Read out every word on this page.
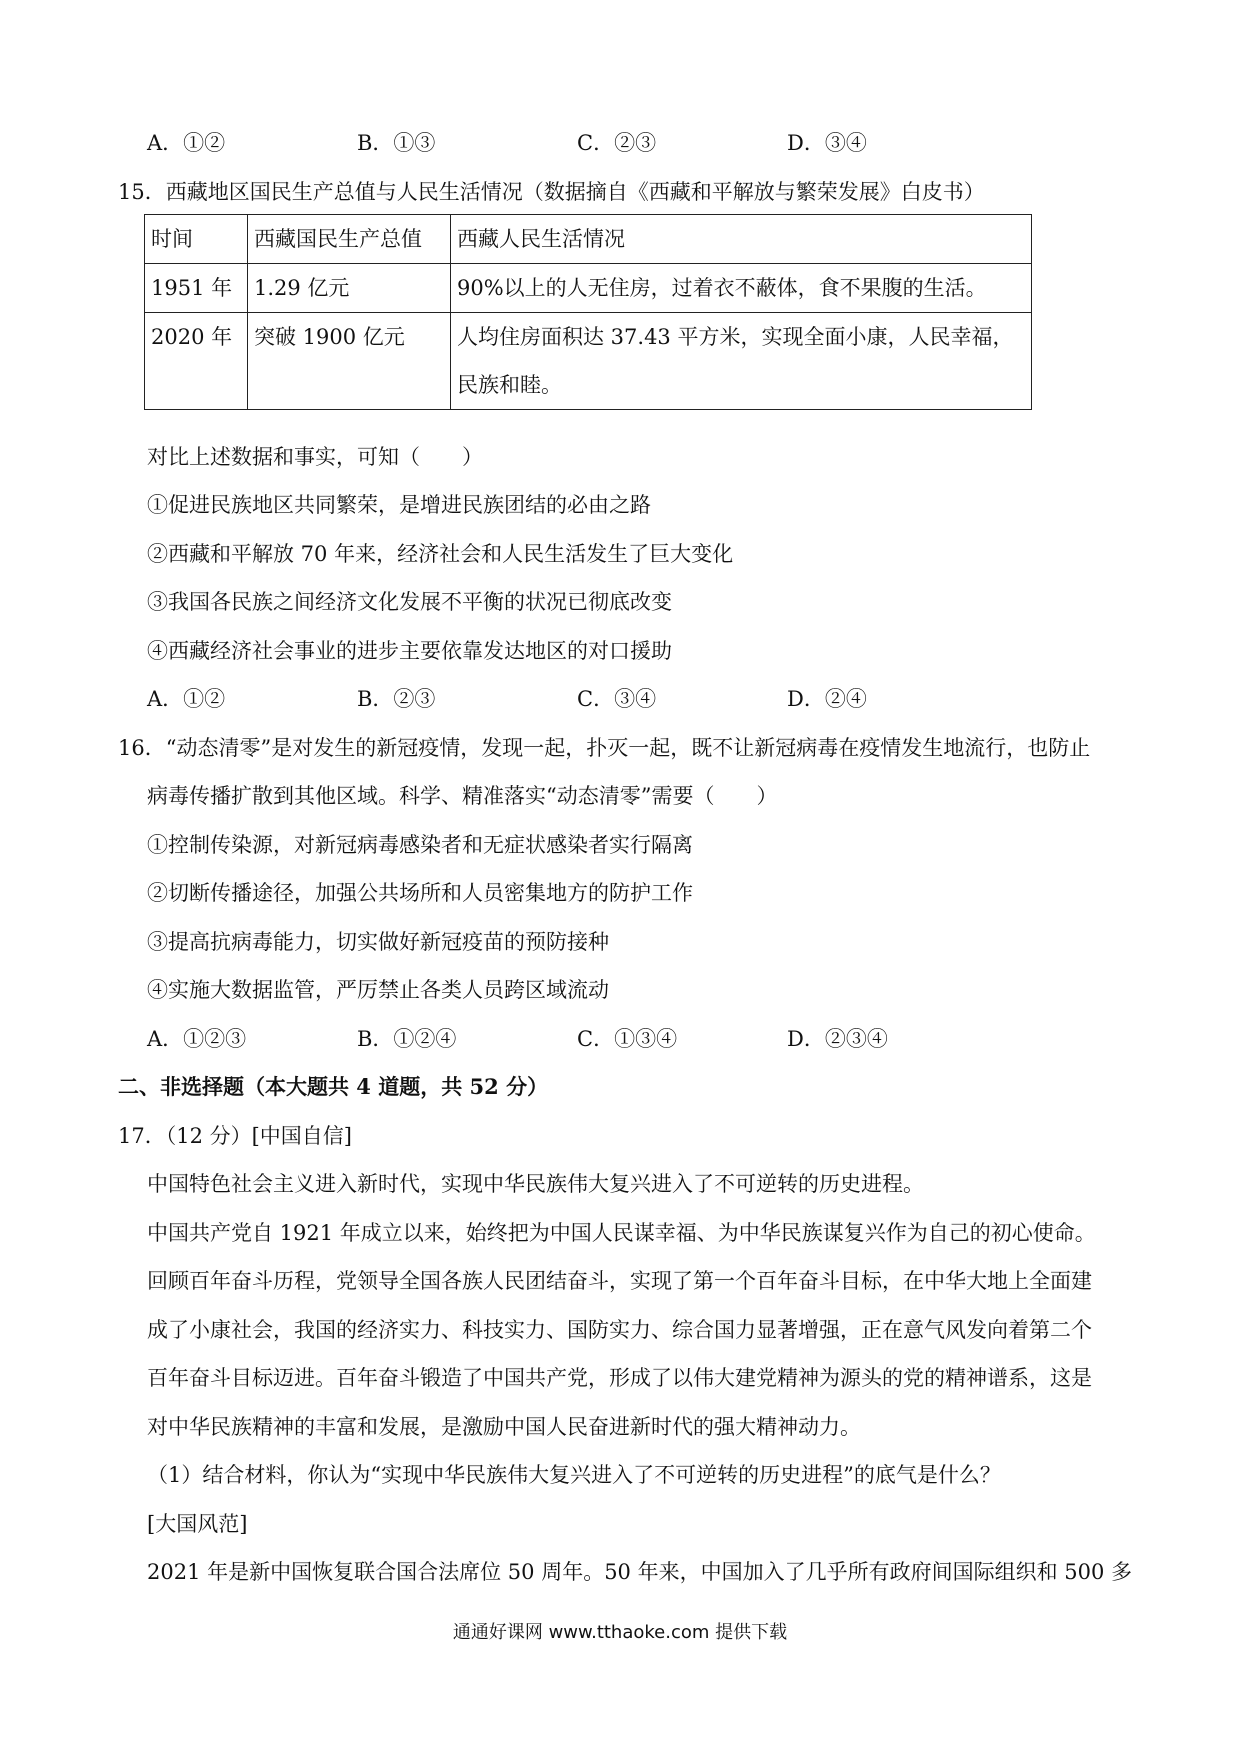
A．①②	B．①③	C．②③	D．③④
15．西藏地区国民生产总值与人民生活情况（数据摘自《西藏和平解放与繁荣发展》白皮书）
时间	西藏国民生产总值	西藏人民生活情况
1951 年	1.29 亿元	90%以上的人无住房，过着衣不蔽体，食不果腹的生活。
2020 年	突破 1900 亿元	人均住房面积达 37.43 平方米，实现全面小康，人民幸福，
民族和睦。
对比上述数据和事实，可知（　　）
①促进民族地区共同繁荣，是增进民族团结的必由之路
②西藏和平解放 70 年来，经济社会和人民生活发生了巨大变化
③我国各民族之间经济文化发展不平衡的状况已彻底改变
④西藏经济社会事业的进步主要依靠发达地区的对口援助
A．①②	B．②③	C．③④	D．②④
16．“动态清零”是对发生的新冠疫情，发现一起，扑灭一起，既不让新冠病毒在疫情发生地流行，也防止
病毒传播扩散到其他区域。科学、精准落实“动态清零”需要（　　）
①控制传染源，对新冠病毒感染者和无症状感染者实行隔离
②切断传播途径，加强公共场所和人员密集地方的防护工作
③提高抗病毒能力，切实做好新冠疫苗的预防接种
④实施大数据监管，严厉禁止各类人员跨区域流动
A．①②③	B．①②④	C．①③④	D．②③④
二、非选择题（本大题共 4 道题，共 52 分）
17．（12 分）[中国自信]
中国特色社会主义进入新时代，实现中华民族伟大复兴进入了不可逆转的历史进程。
中国共产党自 1921 年成立以来，始终把为中国人民谋幸福、为中华民族谋复兴作为自己的初心使命。
回顾百年奋斗历程，党领导全国各族人民团结奋斗，实现了第一个百年奋斗目标，在中华大地上全面建
成了小康社会，我国的经济实力、科技实力、国防实力、综合国力显著增强，正在意气风发向着第二个
百年奋斗目标迈进。百年奋斗锻造了中国共产党，形成了以伟大建党精神为源头的党的精神谱系，这是
对中华民族精神的丰富和发展，是激励中国人民奋进新时代的强大精神动力。
（1）结合材料，你认为“实现中华民族伟大复兴进入了不可逆转的历史进程”的底气是什么？
[大国风范]
2021 年是新中国恢复联合国合法席位 50 周年。50 年来，中国加入了几乎所有政府间国际组织和 500 多
通通好课网 www.tthaoke.com 提供下载
